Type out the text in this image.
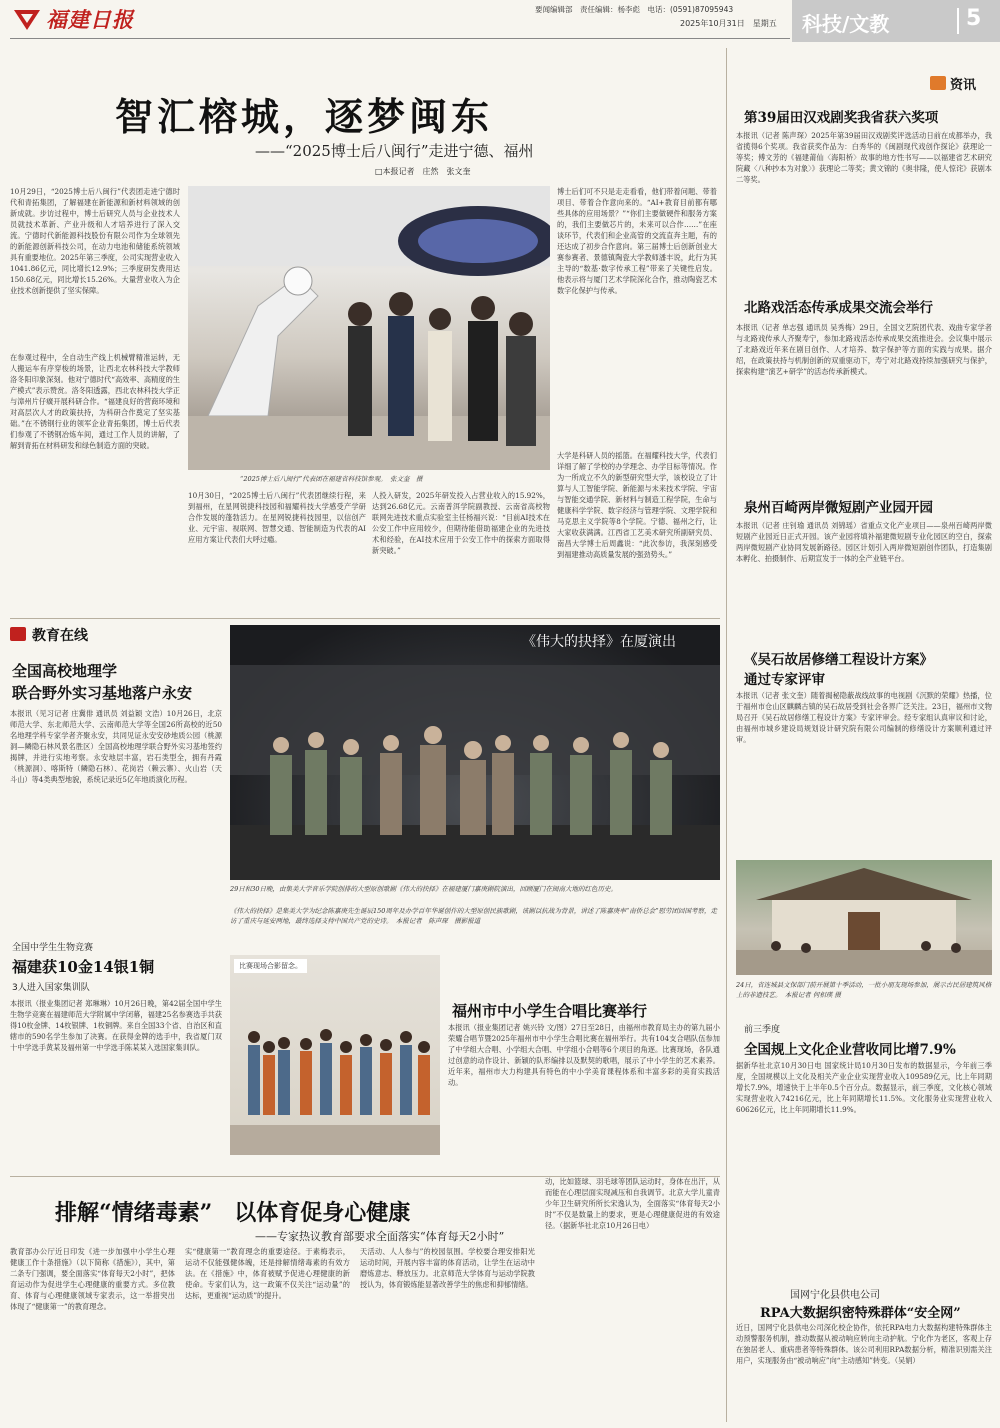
福建日报	要闻编辑部　责任编辑：杨李彪　电话：(0591)87095943
2025年10月31日　星期五 科技/文教	5
智汇榕城，逐梦闽东
——“2025博士后八闽行”走进宁德、福州
□本报记者　庄然　张文奎
10月29日，“2025博士后八闽行”代表团走进宁德时代和青拓集团，了解福建在新能源和新材料领域的创新成就。步访过程中，博士后研究人员与企业技术人员就技术革新、产业升级和人才培养进行了深入交流。宁德时代新能源科技股份有限公司作为全球领先的新能源创新科技公司，在动力电池和储能系统领域具有重要地位。2025年第三季度，公司实现营业收入1041.86亿元，同比增长12.9%；三季度研发费用达150.68亿元，同比增长15.26%。大量营业收入为企业技术创新提供了坚实保障。
在参观过程中，全自动生产线上机械臂精准运转，无人搬运车有序穿梭的场景，让西北农林科技大学教师洛冬阳印象深刻。他对宁德时代“高效率、高精度的生产模式”表示赞赏。洛冬阳透露，西北农林科技大学正与漳州片仔癀开展科研合作。“福建良好的营商环境和对高层次人才的政策扶持，为科研合作奠定了坚实基础。”在不锈钢行业的领军企业青拓集团，博士后代表们参观了不锈钢冶炼车间，通过工作人员的讲解，了解到青拓在材料研发和绿色制造方面的突破。
“2025博士后八闽行”代表团在福建省科技馆参观。　张文奎　摄
博士后们可不只是走走看看，他们带着问题、带着项目、带着合作意向来的。“AI+教育目前都有哪些具体的应用场景？”“你们主要做硬件和服务方案的，我们主要做芯片的，未来可以合作……”在座谈环节，代表们和企业高管的交流直奔主题，有的还达成了初步合作意向。第三届博士后创新创业大赛参赛者、景德镇陶瓷大学教师潘丰说，此行为其主导的“数基·数字传承工程”带来了关键性启发。他表示将与厦门艺术学院深化合作，推动陶瓷艺术数字化保护与传承。
10月30日，“2025博士后八闽行”代表团继续行程，来到福州，在星网锐捷科技园和福耀科技大学感受产学研合作发展的蓬勃活力。在星网锐捷科技园里，以信创产业、元宇宙、视联网、智慧交通、智能制造为代表的AI应用方案让代表们大呼过瘾。
人投入研发，2025年研发投入占营业收入的15.92%，达到26.68亿元。云南普洱学院副教授、云南省高校物联网先进技术重点实验室主任杨福兴说：“目前AI技术在公安工作中应用较少，但期待能借助福建企业的先进技术和经验，在AI技术应用于公安工作中的探索方面取得新突破。”
大学是科研人员的摇篮。在福耀科技大学，代表们详细了解了学校的办学理念、办学目标等情况。作为一所成立不久的新型研究型大学，该校设立了计算与人工智能学院、新能源与未来技术学院、宇宙与智能交通学院、新材料与制造工程学院，生命与健康科学学院、数字经济与管理学院、文理学院和马克思主义学院等8个学院。宁德、福州之行，让大家收获满满。江西省工艺美术研究所副研究员、南昌大学博士后周鑫说：“此次参访，我深刻感受到福建推动高质量发展的强劲势头。”
教育在线
全国高校地理学
联合野外实习基地落户永安
本报讯（见习记者 庄冀俳 通讯员 刘益颖 文浩）10月26日，北京师范大学、东北师范大学、云南师范大学等全国26所高校的近50名地理学科专家学者齐聚永安，共同见证永安安砂地质公园（桃源洞—鳞隐石林风景名胜区）全国高校地理学联合野外实习基地签约揭牌，并进行实地考察。永安地层丰富，岩石类型全，拥有丹霞（桃源洞）、喀斯特（鳞隐石林）、花岗岩（赖云寨）、火山岩（天斗山）等4类典型地貌，系统记录近5亿年地质演化历程。
全国中学生生物竞赛
福建获10金14银1铜
3人进入国家集训队
本报讯（报业集团记者 郑琳琳）10月26日晚，第42届全国中学生生物学竞赛在福建师范大学附属中学闭幕，福建25名参赛选手共获得10枚金牌、14枚银牌、1枚铜牌。来自全国33个省、自治区和直辖市的590名学生参加了决赛。在获得金牌的选手中，我省厦门双十中学选手黄某及福州第一中学选手陈某某入选国家集训队。
《伟大的抉择》在厦演出
29日和30日晚，由集美大学音乐学院创排的大型原创歌剧《伟大的抉择》在福建厦门嘉庚剧院演出，回顾厦门在闽南大地的红色历史。
《伟大的抉择》是集美大学为纪念陈嘉庚先生诞辰150周年及办学百年华诞创作的大型原创民族歌剧，该剧以抗战为背景，讲述了陈嘉庚率“南侨总会”慰劳团回国考察，走访了重庆与延安两地，最终选择支持中国共产党的史诗。　本报记者　陈声琛　摄影报道
比赛现场合影留念。
福州市中小学生合唱比赛举行
本报讯（报业集团记者 姚兴铃 文/图）27日至28日，由福州市教育局主办的第九届小荣耀合唱节暨2025年福州市中小学生合唱比赛在福州举行。共有104支合唱队伍参加了中学组大合唱、小学组大合唱、中学组小合唱等6个项目的角逐。比赛现场，各队通过创意的动作设计、新颖的队形编排以及默契的歌唱，展示了中小学生的艺术素养。近年来，福州市大力构建具有特色的中小学美育课程体系和丰富多彩的美育实践活动。
排解“情绪毒素”　以体育促身心健康
——专家热议教育部要求全面落实“体育每天2小时”
教育部办公厅近日印发《进一步加强中小学生心理健康工作十条措施》（以下简称《措施》），其中，第二条专门强调，要全面落实“体育每天2小时”，把体育运动作为促进学生心理健康的重要方式。多位教育、体育与心理健康领域专家表示，这一举措突出体现了“健康第一”的教育理念。
实“健康第一”教育理念的重要途径。于素梅表示，运动不仅能强健体魄，还是排解情绪毒素的有效方法。在《措施》中，体育被赋予促进心理健康的新使命。专家们认为，这一政策不仅关注“运动量”的达标，更重视“运动质”的提升。
天活动、人人参与”的校园氛围。学校要合理安排阳光运动时间，开展内容丰富的体育活动，让学生在运动中磨炼意志、释放压力。北京师范大学体育与运动学院教授认为，体育锻炼能显著改善学生的焦虑和抑郁情绪。
动，比如篮球、羽毛球等团队运动时，身体在出汗，从而能在心理层面实现减压和自我调节。北京大学儿童青少年卫生研究所所长宋逸认为，全面落实“体育每天2小时”不仅是数量上的要求，更是心理健康促进的有效途径。（据新华社北京10月26日电）
资讯
第39届田汉戏剧奖我省获六奖项
本报讯（记者 陈声琛）2025年第39届田汉戏剧奖评选活动日前在成都举办，我省揽得6个奖项。我省获奖作品为：白秀华的《闽剧现代戏创作探论》获理论一等奖；傅文芳的《福建莆仙〈海阳桥〉故事的地方性书写——以福建省艺术研究院藏〈八种抄本为对象〉》获理论二等奖；黄文锦的《奥非隆，使人惊诧》获剧本二等奖。
北路戏活态传承成果交流会举行
本报讯（记者 单志强 通讯员 吴秀梅）29日，全国文艺院团代表、戏曲专家学者与北路戏传承人齐聚寿宁，参加北路戏活态传承成果交流推进会。会议集中展示了北路戏近年来在剧目创作、人才培养、数字保护等方面的实践与成果。据介绍，在政策扶持与机制创新的双重驱动下，寿宁对北路戏持续加强研究与保护，探索构建“演艺+研学”的活态传承新模式。
泉州百崎两岸微短剧产业园开园
本报讯（记者 庄钊瑜 通讯员 刘锦瑶）省重点文化产业项目——泉州百崎两岸微短剧产业园近日正式开园。该产业园将填补福建微短剧专业化园区的空白，探索两岸微短剧产业协同发展新路径。园区计划引入两岸微短剧创作团队，打造集剧本孵化、拍摄制作、后期宣发于一体的全产业链平台。
《吴石故居修缮工程设计方案》
通过专家评审
本报讯（记者 张文奎）随着揭秘隐蔽战线故事的电视剧《沉默的荣耀》热播，位于福州市仓山区麒麟古镇的吴石故居受到社会各界广泛关注。23日，福州市文物局召开《吴石故居修缮工程设计方案》专家评审会。经专家组认真审议和讨论，由福州市城乡建设局规划设计研究院有限公司编制的修缮设计方案顺利通过评审。
24日，省连城县文保部门前开展第十季活动，一批小朋友现场参加，展示古民居建筑风格上的非遗技艺。　本报记者 何相瑛 摄
前三季度
全国规上文化企业营收同比增7.9%
据新华社北京10月30日电 国家统计局10月30日发布的数据显示，今年前三季度，全国规模以上文化及相关产业企业实现营业收入109589亿元，比上年同期增长7.9%，增速快于上半年0.5个百分点。数据显示，前三季度，文化核心领域实现营业收入74216亿元，比上年同期增长11.5%。文化服务业实现营业收入60626亿元，比上年同期增长11.9%。
国网宁化县供电公司
RPA大数据织密特殊群体“安全网”
近日，国网宁化县供电公司深化校企协作，依托RPA电力大数据构建特殊群体主动预警服务机制，推动数据从被动响应转向主动护航。宁化作为老区，客观上存在独居老人、重病患者等特殊群体。该公司利用RPA数据分析，精准识别需关注用户，实现服务由“被动响应”向“主动感知”转变。（吴娟）
